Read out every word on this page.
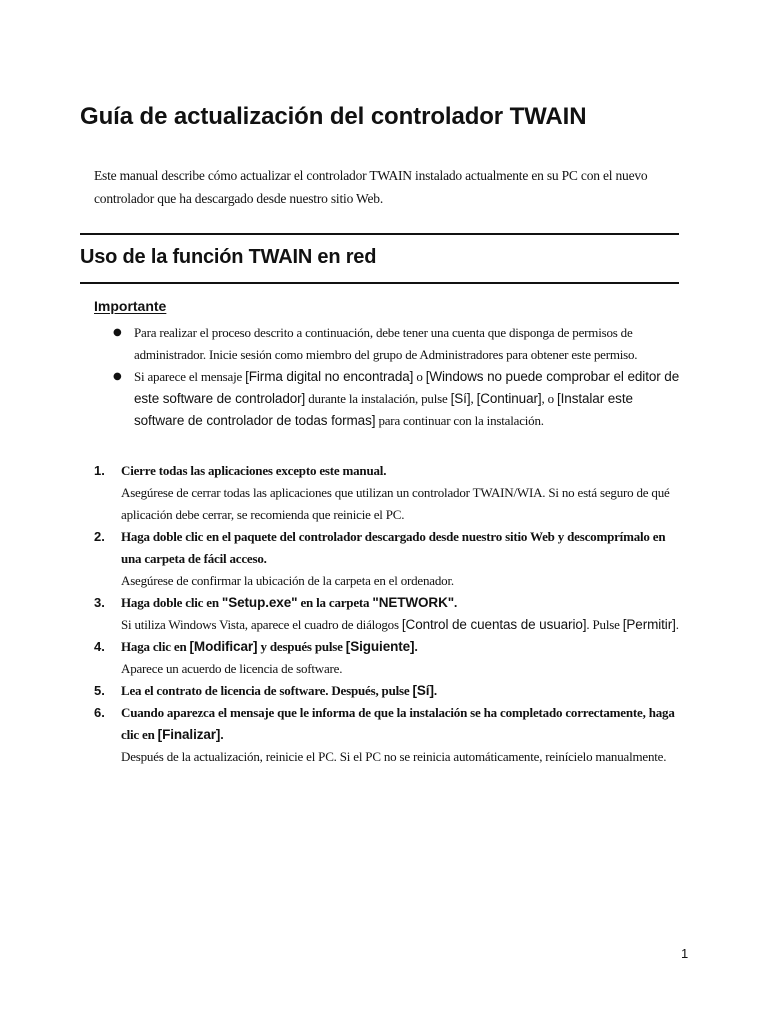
Guía de actualización del controlador TWAIN

Este manual describe cómo actualizar el controlador TWAIN instalado actualmente en su PC con el nuevo controlador que ha descargado desde nuestro sitio Web.

Uso de la función TWAIN en red
Importante
● Para realizar el proceso descrito a continuación, debe tener una cuenta que disponga de permisos de administrador. Inicie sesión como miembro del grupo de Administradores para obtener este permiso.
● Si aparece el mensaje [Firma digital no encontrada] o [Windows no puede comprobar el editor de este software de controlador] durante la instalación, pulse [Sí], [Continuar], o [Instalar este software de controlador de todas formas] para continuar con la instalación.
1. Cierre todas las aplicaciones excepto este manual.
Asegúrese de cerrar todas las aplicaciones que utilizan un controlador TWAIN/WIA. Si no está seguro de qué aplicación debe cerrar, se recomienda que reinicie el PC.
2. Haga doble clic en el paquete del controlador descargado desde nuestro sitio Web y descomprímalo en una carpeta de fácil acceso.
Asegúrese de confirmar la ubicación de la carpeta en el ordenador.
3. Haga doble clic en "Setup.exe" en la carpeta "NETWORK".
Si utiliza Windows Vista, aparece el cuadro de diálogos [Control de cuentas de usuario]. Pulse [Permitir].
4. Haga clic en [Modificar] y después pulse [Siguiente].
Aparece un acuerdo de licencia de software.
5. Lea el contrato de licencia de software. Después, pulse [Sí].
6. Cuando aparezca el mensaje que le informa de que la instalación se ha completado correctamente, haga clic en [Finalizar].
Después de la actualización, reinicie el PC. Si el PC no se reinicia automáticamente, reinícielo manualmente.
1
